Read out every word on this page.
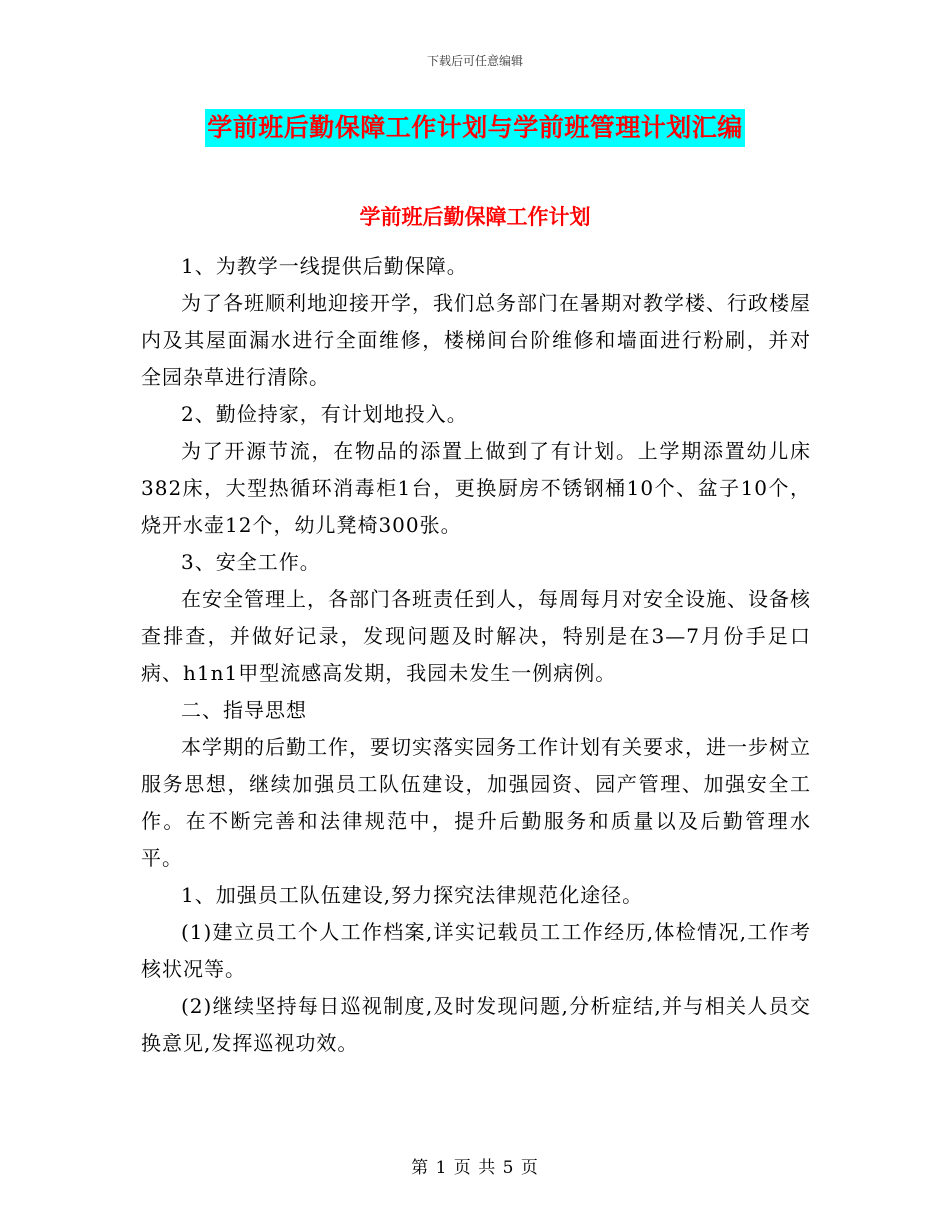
下载后可任意编辑
学前班后勤保障工作计划与学前班管理计划汇编
学前班后勤保障工作计划

1、为教学一线提供后勤保障。

为了各班顺利地迎接开学，我们总务部门在暑期对教学楼、行政楼屋内及其屋面漏水进行全面维修，楼梯间台阶维修和墙面进行粉刷，并对全园杂草进行清除。

2、勤俭持家，有计划地投入。

为了开源节流，在物品的添置上做到了有计划。上学期添置幼儿床382床，大型热循环消毒柜1台，更换厨房不锈钢桶10个、盆子10个，烧开水壶12个，幼儿凳椅300张。

3、安全工作。

在安全管理上，各部门各班责任到人，每周每月对安全设施、设备核查排查，并做好记录，发现问题及时解决，特别是在3—7月份手足口病、h1n1甲型流感高发期，我园未发生一例病例。

二、指导思想

本学期的后勤工作，要切实落实园务工作计划有关要求，进一步树立服务思想，继续加强员工队伍建设，加强园资、园产管理、加强安全工作。在不断完善和法律规范中，提升后勤服务和质量以及后勤管理水平。

1、加强员工队伍建设,努力探究法律规范化途径。

(1)建立员工个人工作档案,详实记载员工工作经历,体检情况,工作考核状况等。

(2)继续坚持每日巡视制度,及时发现问题,分析症结,并与相关人员交换意见,发挥巡视功效。

第 1 页 共 5 页
